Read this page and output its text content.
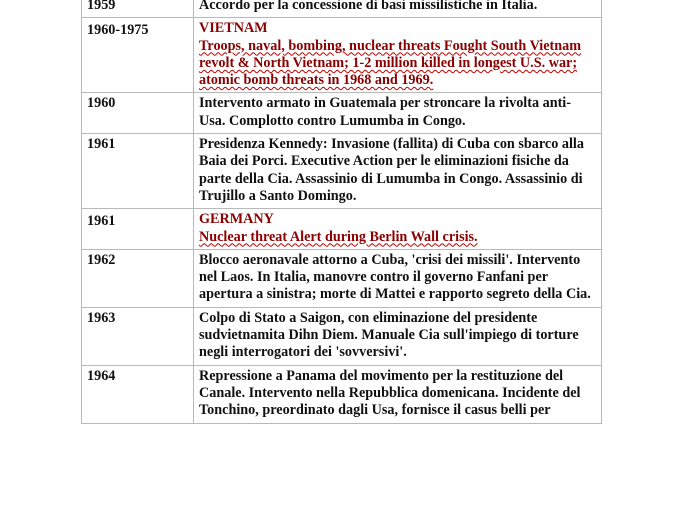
1959	Accordo per la concessione di basi missilistiche in Italia.
1960-1975	VIETNAM
Troops, naval, bombing, nuclear threats Fought South Vietnam revolt & North Vietnam; 1-2 million killed in longest U.S. war; atomic bomb threats in 1968 and 1969.
1960	Intervento armato in Guatemala per stroncare la rivolta anti-Usa. Complotto contro Lumumba in Congo.
1961	Presidenza Kennedy: Invasione (fallita) di Cuba con sbarco alla Baia dei Porci. Executive Action per le eliminazioni fisiche da parte della Cia. Assassinio di Lumumba in Congo. Assassinio di Trujillo a Santo Domingo.
1961	GERMANY
Nuclear threat Alert during Berlin Wall crisis.
1962	Blocco aeronavale attorno a Cuba, 'crisi dei missili'. Intervento nel Laos. In Italia, manovre contro il governo Fanfani per apertura a sinistra; morte di Mattei e rapporto segreto della Cia.
1963	Colpo di Stato a Saigon, con eliminazione del presidente sudvietnamita Dihn Diem. Manuale Cia sull'impiego di torture negli interrogatori dei 'sovversivi'.
1964	Repressione a Panama del movimento per la restituzione del Canale. Intervento nella Repubblica domenicana. Incidente del Tonchino, preordinato dagli Usa, fornisce il casus belli per
